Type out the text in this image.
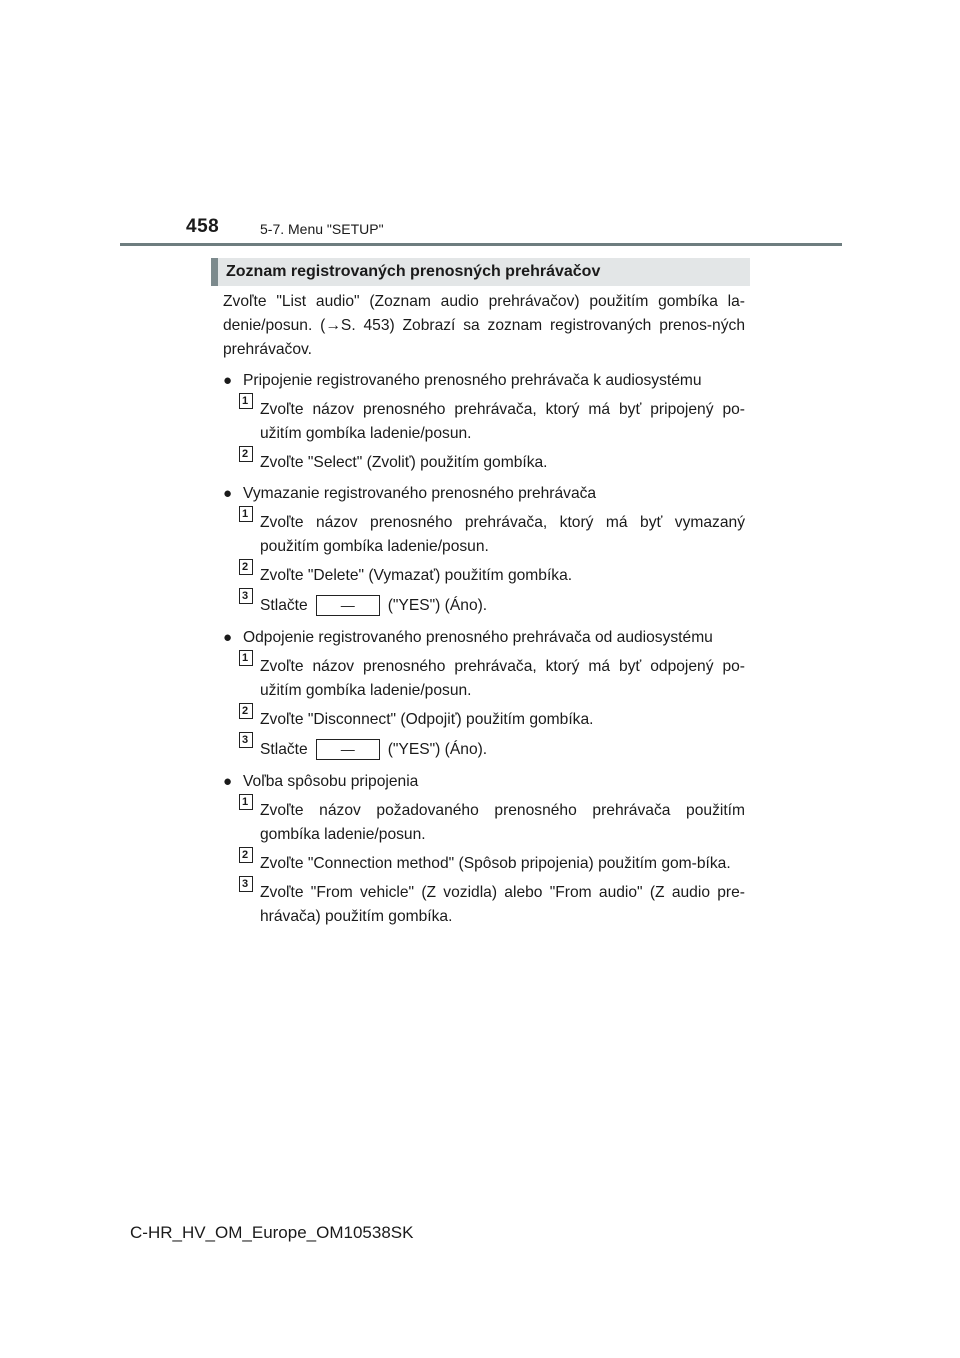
458	5-7. Menu "SETUP"
Zoznam registrovaných prenosných prehrávačov

Zvoľte "List audio" (Zoznam audio prehrávačov) použitím gombíka la-denie/posun. (→S. 453) Zobrazí sa zoznam registrovaných prenos-ných prehrávačov.

● Pripojenie registrovaného prenosného prehrávača k audiosystému
1 Zvoľte názov prenosného prehrávača, ktorý má byť pripojený po-užitím gombíka ladenie/posun.
2 Zvoľte "Select" (Zvoliť) použitím gombíka.
● Vymazanie registrovaného prenosného prehrávača
1 Zvoľte názov prenosného prehrávača, ktorý má byť vymazaný použitím gombíka ladenie/posun.
2 Zvoľte "Delete" (Vymazať) použitím gombíka.
3
Stlačte — ("YES") (Áno).
● Odpojenie registrovaného prenosného prehrávača od audiosystému
1 Zvoľte názov prenosného prehrávača, ktorý má byť odpojený po-užitím gombíka ladenie/posun.
2 Zvoľte "Disconnect" (Odpojiť) použitím gombíka.
3
Stlačte — ("YES") (Áno).
● Voľba spôsobu pripojenia
1 Zvoľte názov požadovaného prenosného prehrávača použitím gombíka ladenie/posun.
2 Zvoľte "Connection method" (Spôsob pripojenia) použitím gom-bíka.
3 Zvoľte "From vehicle" (Z vozidla) alebo "From audio" (Z audio pre-hrávača) použitím gombíka.
C-HR_HV_OM_Europe_OM10538SK
